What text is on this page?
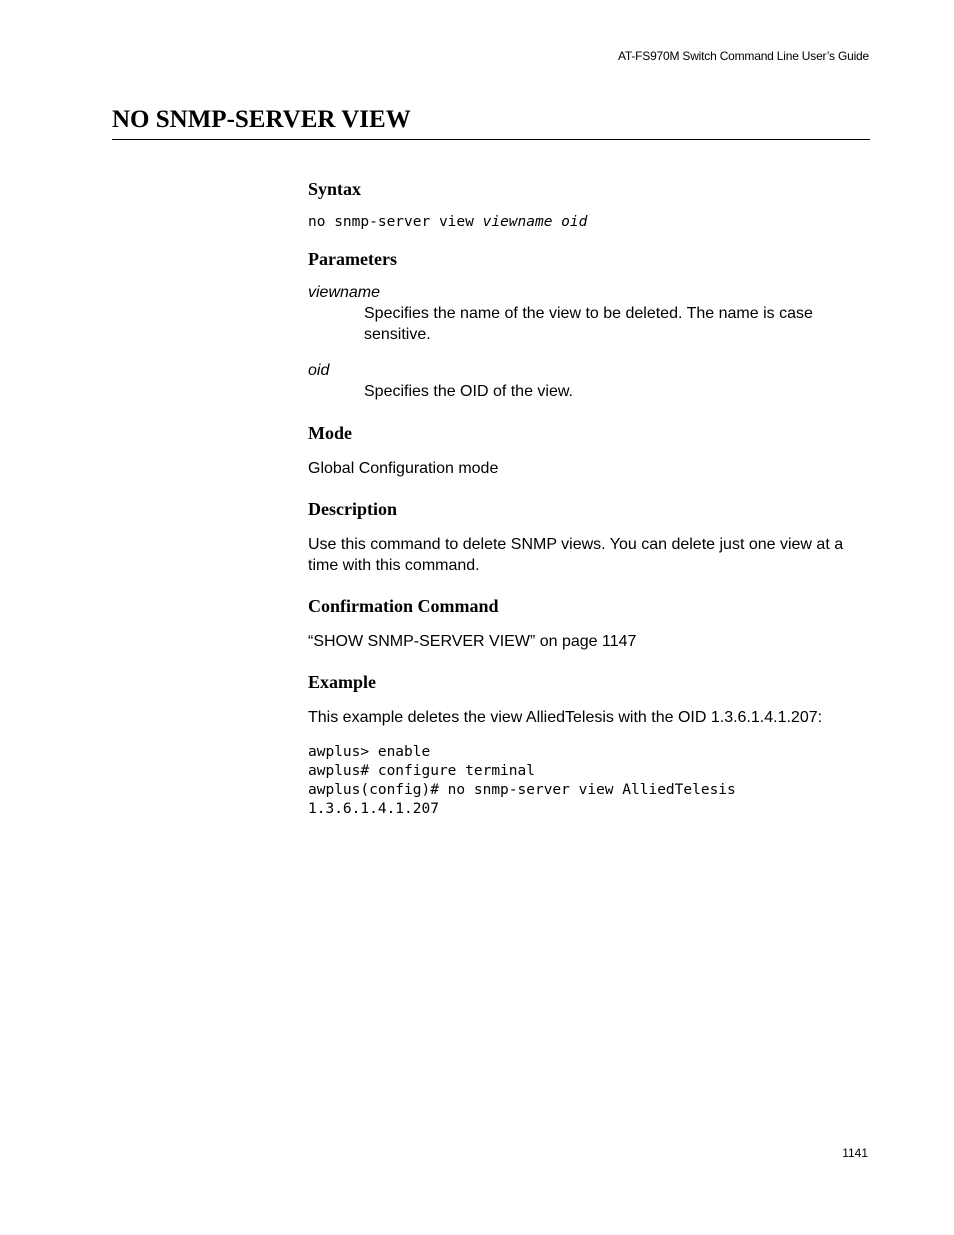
AT-FS970M Switch Command Line User’s Guide
NO SNMP-SERVER VIEW
Syntax

no snmp-server view viewname oid

Parameters

viewname

Specifies the name of the view to be deleted. The name is case sensitive.

oid

Specifies the OID of the view.

Mode

Global Configuration mode

Description

Use this command to delete SNMP views. You can delete just one view at a time with this command.

Confirmation Command

“SHOW SNMP-SERVER VIEW” on page 1147

Example

This example deletes the view AlliedTelesis with the OID 1.3.6.1.4.1.207:

awplus> enable

awplus# configure terminal

awplus(config)# no snmp-server view AlliedTelesis

1.3.6.1.4.1.207

1141
